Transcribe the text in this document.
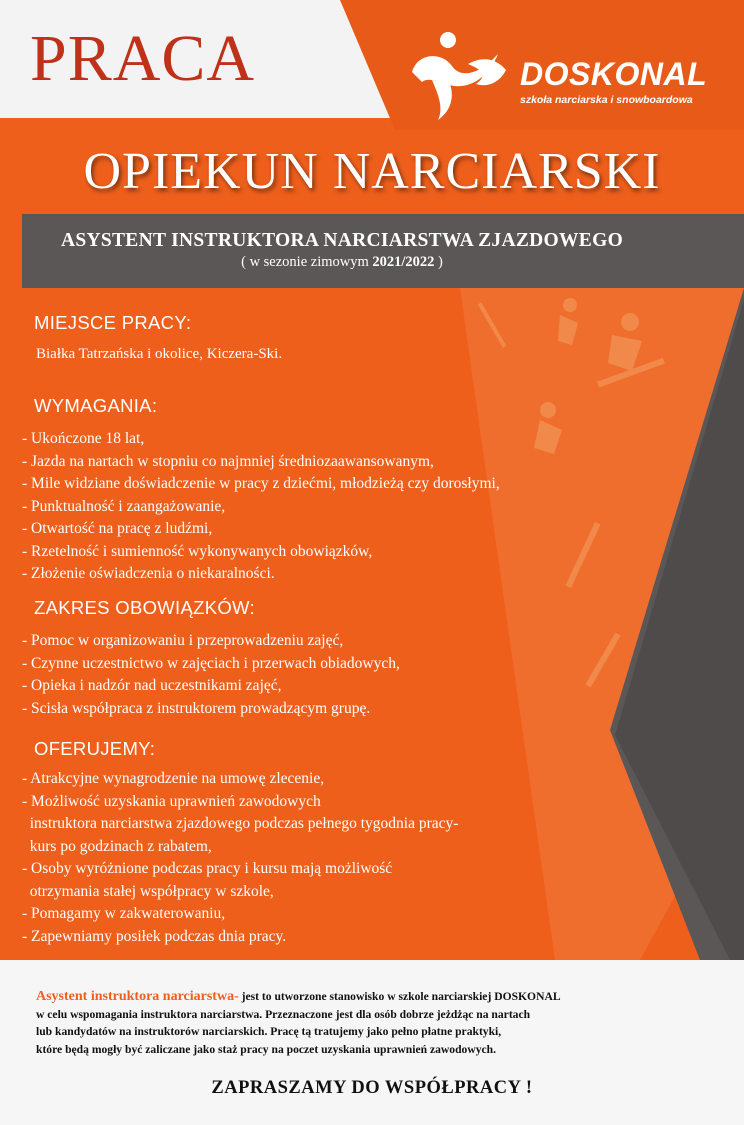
PRACA	DOSKONAL
szkoła narciarska i snowboardowa
OPIEKUN NARCIARSKI
ASYSTENT INSTRUKTORA NARCIARSTWA ZJAZDOWEGO
( w sezonie zimowym 2021/2022 )
MIEJSCE PRACY:
Białka Tatrzańska i okolice, Kiczera-Ski.
WYMAGANIA:
- Ukończone 18 lat,
- Jazda na nartach w stopniu co najmniej średniozaawansowanym,
- Mile widziane doświadczenie w pracy z dziećmi, młodzieżą czy dorosłymi,
- Punktualność i zaangażowanie,
- Otwartość na pracę z ludźmi,
- Rzetelność i sumienność wykonywanych obowiązków,
- Złożenie oświadczenia o niekaralności.
ZAKRES OBOWIĄZKÓW:
- Pomoc w organizowaniu i przeprowadzeniu zajęć,
- Czynne uczestnictwo w zajęciach i przerwach obiadowych,
- Opieka i nadzór nad uczestnikami zajęć,
- Scisła współpraca z instruktorem prowadzącym grupę.
OFERUJEMY:
- Atrakcyjne wynagrodzenie na umowę zlecenie,
- Możliwość uzyskania uprawnień zawodowych
instruktora narciarstwa zjazdowego podczas pełnego tygodnia pracy-
kurs po godzinach z rabatem,
- Osoby wyróżnione podczas pracy i kursu mają możliwość
otrzymania stałej współpracy w szkole,
- Pomagamy w zakwaterowaniu,
- Zapewniamy posiłek podczas dnia pracy.
Asystent instruktora narciarstwa- jest to utworzone stanowisko w szkole narciarskiej DOSKONAL
w celu wspomagania instruktora narciarstwa. Przeznaczone jest dla osób dobrze jeżdżąc na nartach
lub kandydatów na instruktorów narciarskich. Pracę tą tratujemy jako pełno płatne praktyki,
które będą mogły być zaliczane jako staż pracy na poczet uzyskania uprawnień zawodowych.
ZAPRASZAMY DO WSPÓŁPRACY !
